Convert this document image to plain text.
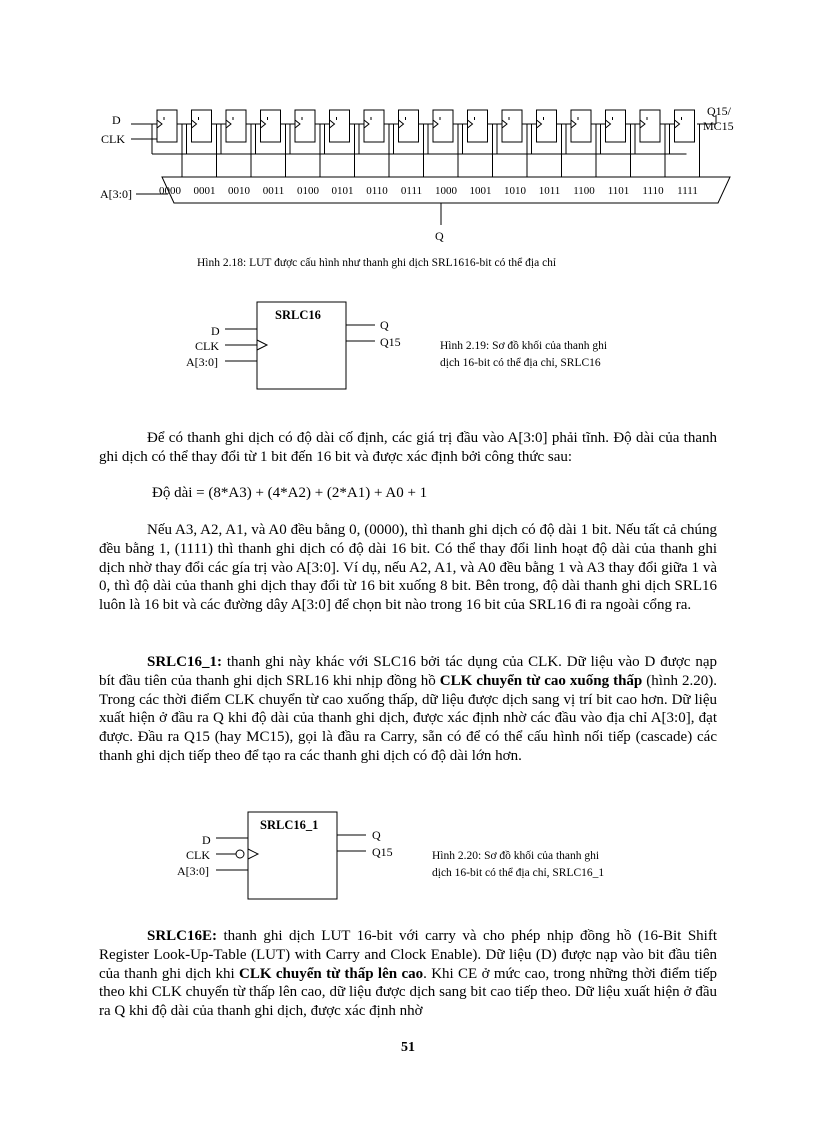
D
CLK
A[3:0]
Q15/
MC15
Q
0000 0001 0010 0011 0100 0101 0110 0111 1000 1001 1010 1011 1100 1101 1110 1111
Hình 2.18: LUT được cấu hình như thanh ghi dịch SRL1616-bit có thể địa chỉ
SRLC16
D
CLK
A[3:0]
Q
Q15	Hình 2.19: Sơ đồ khối của thanh ghi
dịch 16-bit có thể địa chỉ, SRLC16

Để có thanh ghi dịch có độ dài cố định, các giá trị đầu vào A[3:0] phải tĩnh. Độ dài của thanh ghi dịch có thể thay đổi từ 1 bit đến 16 bit và được xác định bởi công thức sau:

Độ dài = (8*A3) + (4*A2) + (2*A1) + A0 + 1

Nếu A3, A2, A1, và A0 đều bằng 0, (0000), thì thanh ghi dịch có độ dài 1 bit. Nếu tất cả chúng đều bằng 1, (1111) thì thanh ghi dịch có độ dài 16 bit. Có thể thay đổi linh hoạt độ dài của thanh ghi dịch nhờ thay đổi các gía trị vào A[3:0]. Ví dụ, nếu A2, A1, và A0 đều bằng 1 và A3 thay đổi giữa 1 và 0, thì độ dài của thanh ghi dịch thay đổi từ 16 bit xuống 8 bit. Bên trong, độ dài thanh ghi dịch SRL16 luôn là 16 bit và các đường dây A[3:0] để chọn bit nào trong 16 bit của SRL16 đi ra ngoài cổng ra.

SRLC16_1: thanh ghi này khác với SLC16 bởi tác dụng của CLK. Dữ liệu vào D được nạp bít đầu tiên của thanh ghi dịch SRL16 khi nhịp đồng hồ CLK chuyển từ cao xuống thấp (hình 2.20). Trong các thời điểm CLK chuyển từ cao xuống thấp, dữ liệu được dịch sang vị trí bit cao hơn. Dữ liệu xuất hiện ở đầu ra Q khi độ dài của thanh ghi dịch, được xác định nhờ các đầu vào địa chỉ A[3:0], đạt được. Đầu ra Q15 (hay MC15), gọi là đầu ra Carry, sẵn có để có thể cấu hình nối tiếp (cascade) các thanh ghi dịch tiếp theo để tạo ra các thanh ghi dịch có độ dài lớn hơn.

SRLC16_1
D
CLK
A[3:0]
Q
Q15	Hình 2.20: Sơ đồ khối của thanh ghi
dịch 16-bit có thể địa chỉ, SRLC16_1

SRLC16E: thanh ghi dịch LUT 16-bit với carry và cho phép nhịp đồng hồ (16-Bit Shift Register Look-Up-Table (LUT) with Carry and Clock Enable). Dữ liệu (D) được nạp vào bit đầu tiên của thanh ghi dịch khi CLK chuyển từ thấp lên cao. Khi CE ở mức cao, trong những thời điểm tiếp theo khi CLK chuyển từ thấp lên cao, dữ liệu được dịch sang bit cao tiếp theo. Dữ liệu xuất hiện ở đầu ra Q khi độ dài của thanh ghi dịch, được xác định nhờ

51
